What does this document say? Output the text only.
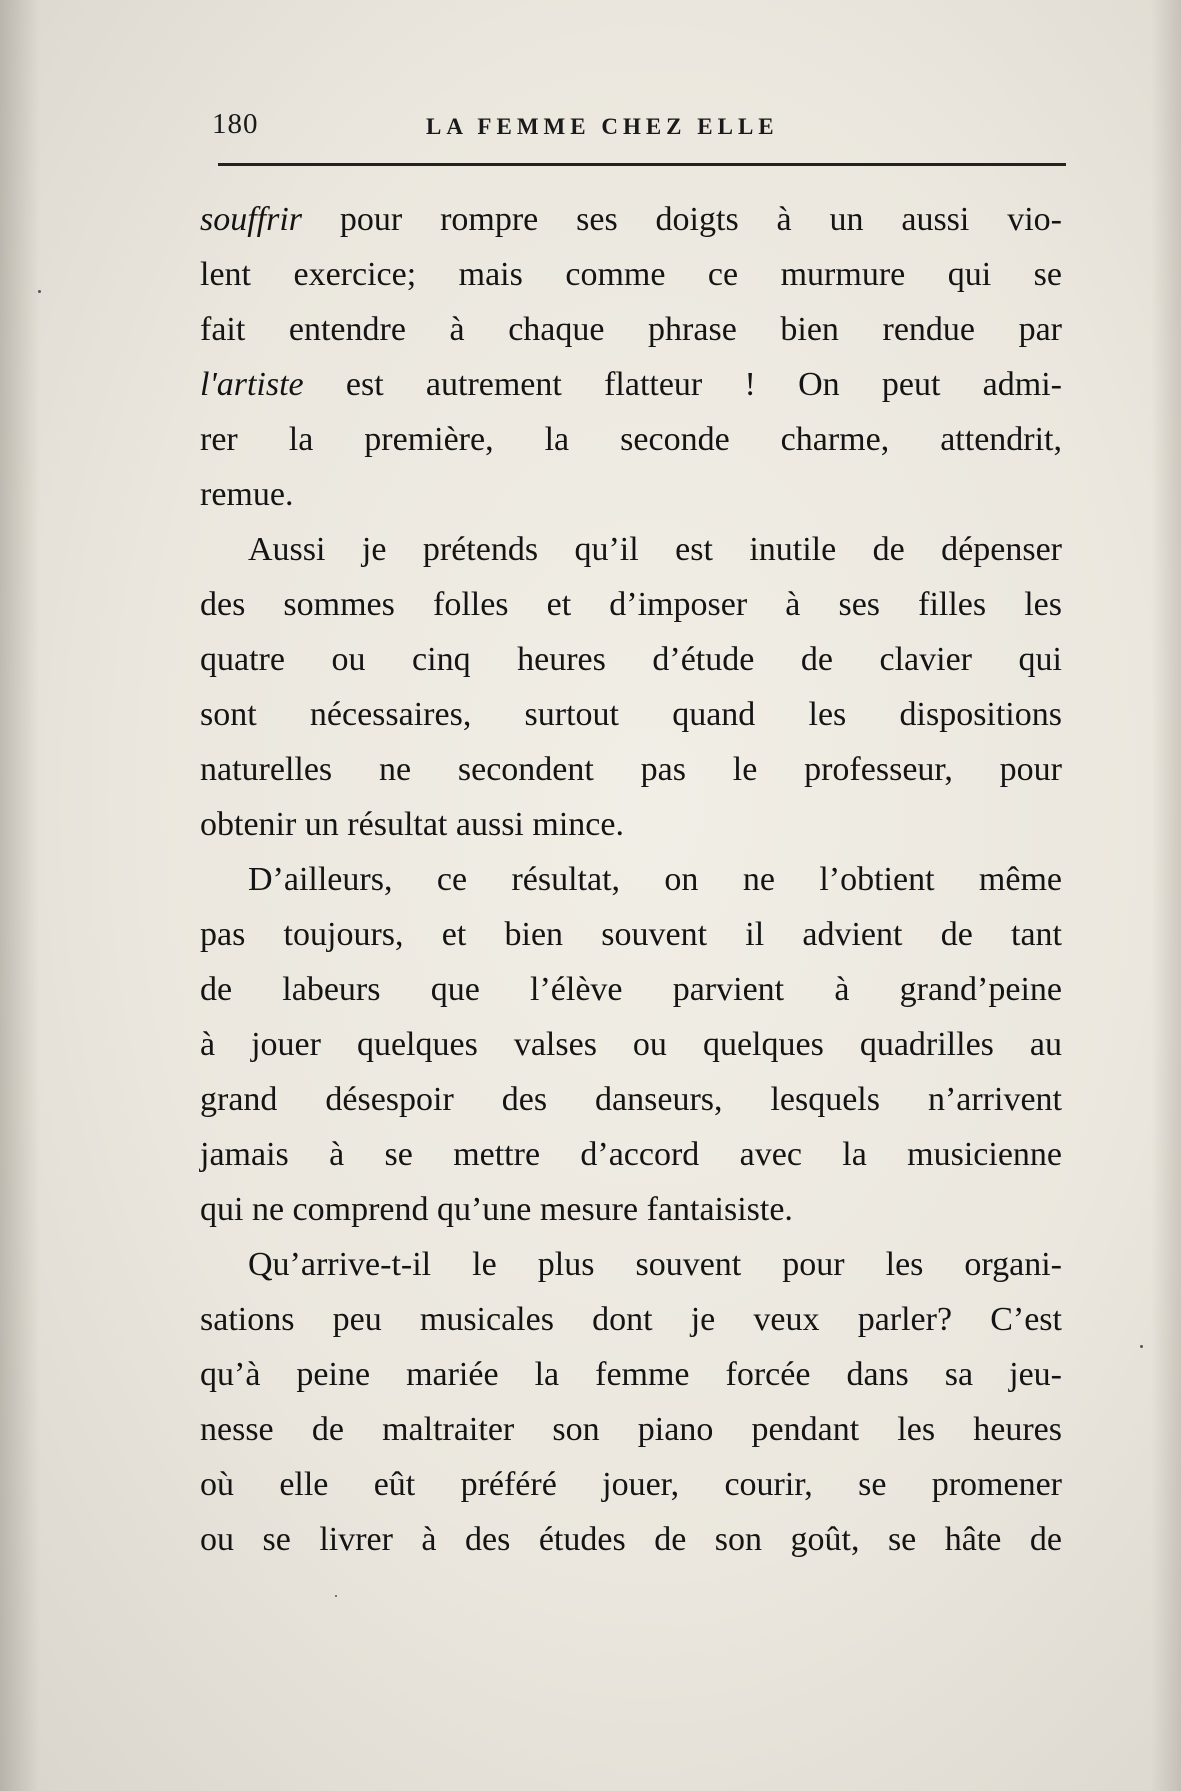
180	LA FEMME CHEZ ELLE
souffrir pour rompre ses doigts à un aussi vio-
lent exercice; mais comme ce murmure qui se
fait entendre à chaque phrase bien rendue par
l'artiste est autrement flatteur ! On peut admi-
rer la première, la seconde charme, attendrit,
remue.
Aussi je prétends qu’il est inutile de dépenser
des sommes folles et d’imposer à ses filles les
quatre ou cinq heures d’étude de clavier qui
sont nécessaires, surtout quand les dispositions
naturelles ne secondent pas le professeur, pour
obtenir un résultat aussi mince.
D’ailleurs, ce résultat, on ne l’obtient même
pas toujours, et bien souvent il advient de tant
de labeurs que l’élève parvient à grand’peine
à jouer quelques valses ou quelques quadrilles au
grand désespoir des danseurs, lesquels n’arrivent
jamais à se mettre d’accord avec la musicienne
qui ne comprend qu’une mesure fantaisiste.
Qu’arrive-t-il le plus souvent pour les organi-
sations peu musicales dont je veux parler? C’est
qu’à peine mariée la femme forcée dans sa jeu-
nesse de maltraiter son piano pendant les heures
où elle eût préféré jouer, courir, se promener
ou se livrer à des études de son goût, se hâte de
